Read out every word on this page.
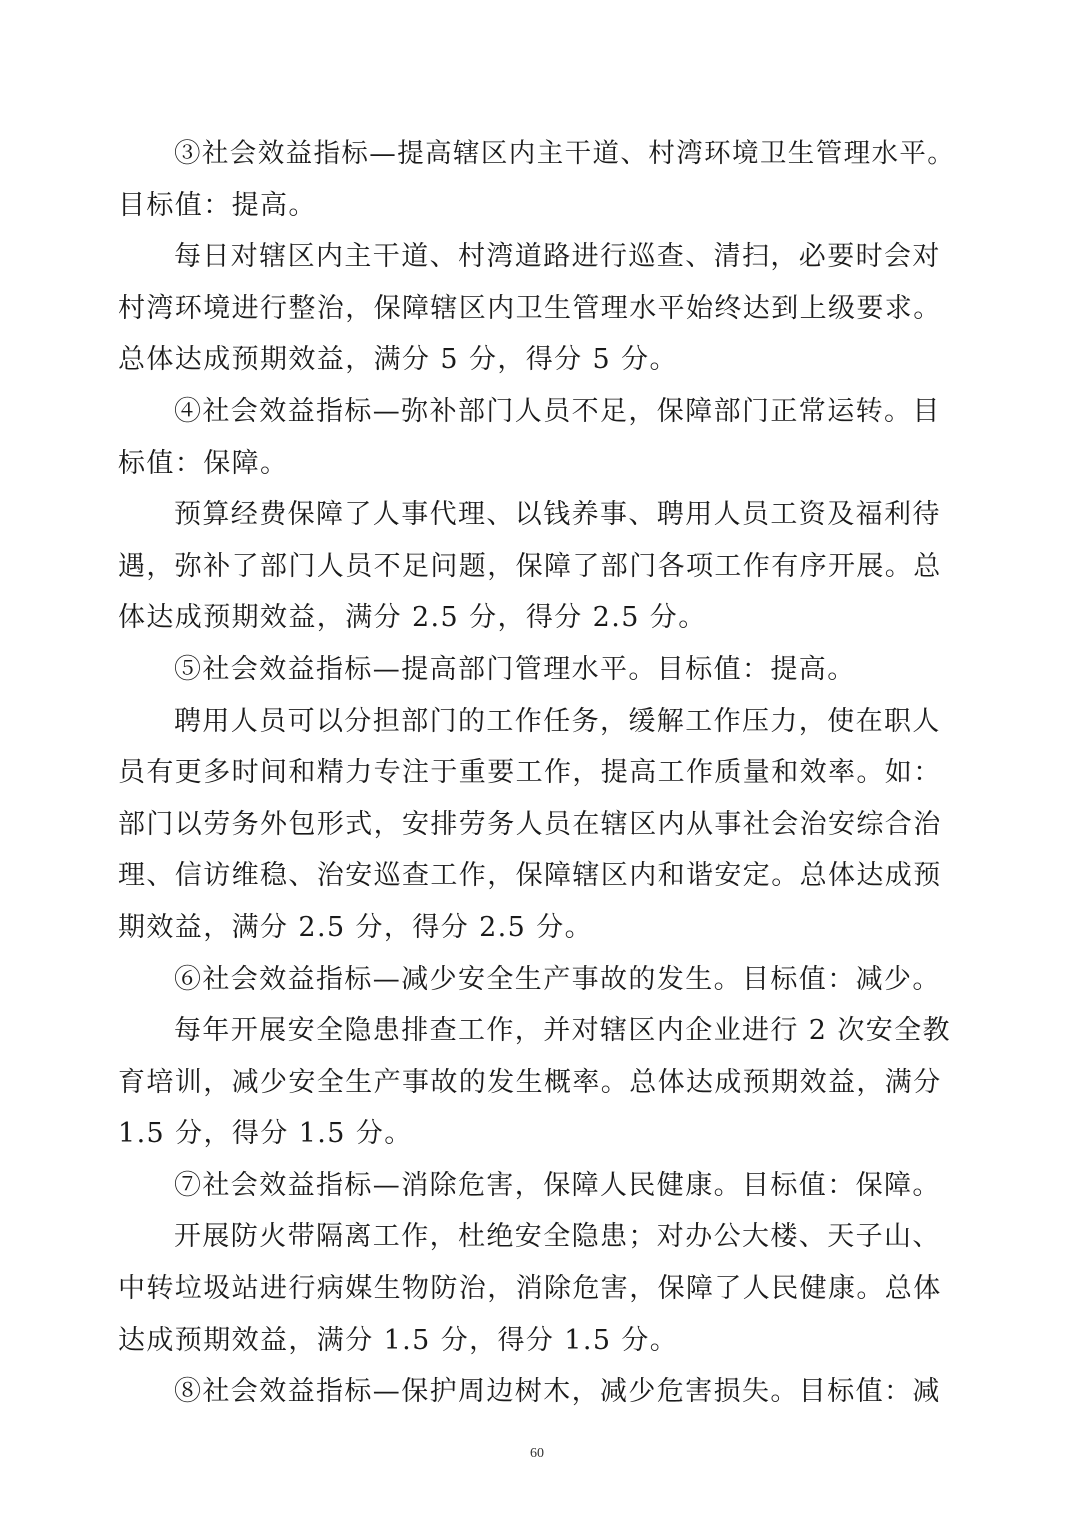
③社会效益指标—提高辖区内主干道、村湾环境卫生管理水平。
目标值：提高。

每日对辖区内主干道、村湾道路进行巡查、清扫，必要时会对
村湾环境进行整治，保障辖区内卫生管理水平始终达到上级要求。
总体达成预期效益，满分 5 分，得分 5 分。

④社会效益指标—弥补部门人员不足，保障部门正常运转。目
标值：保障。

预算经费保障了人事代理、以钱养事、聘用人员工资及福利待
遇，弥补了部门人员不足问题，保障了部门各项工作有序开展。总
体达成预期效益，满分 2.5 分，得分 2.5 分。

⑤社会效益指标—提高部门管理水平。目标值：提高。

聘用人员可以分担部门的工作任务，缓解工作压力，使在职人
员有更多时间和精力专注于重要工作，提高工作质量和效率。如：
部门以劳务外包形式，安排劳务人员在辖区内从事社会治安综合治
理、信访维稳、治安巡查工作，保障辖区内和谐安定。总体达成预
期效益，满分 2.5 分，得分 2.5 分。

⑥社会效益指标—减少安全生产事故的发生。目标值：减少。

每年开展安全隐患排查工作，并对辖区内企业进行 2 次安全教
育培训，减少安全生产事故的发生概率。总体达成预期效益，满分
1.5 分，得分 1.5 分。

⑦社会效益指标—消除危害，保障人民健康。目标值：保障。

开展防火带隔离工作，杜绝安全隐患；对办公大楼、天子山、
中转垃圾站进行病媒生物防治，消除危害，保障了人民健康。总体
达成预期效益，满分 1.5 分，得分 1.5 分。

⑧社会效益指标—保护周边树木，减少危害损失。目标值：减

60
